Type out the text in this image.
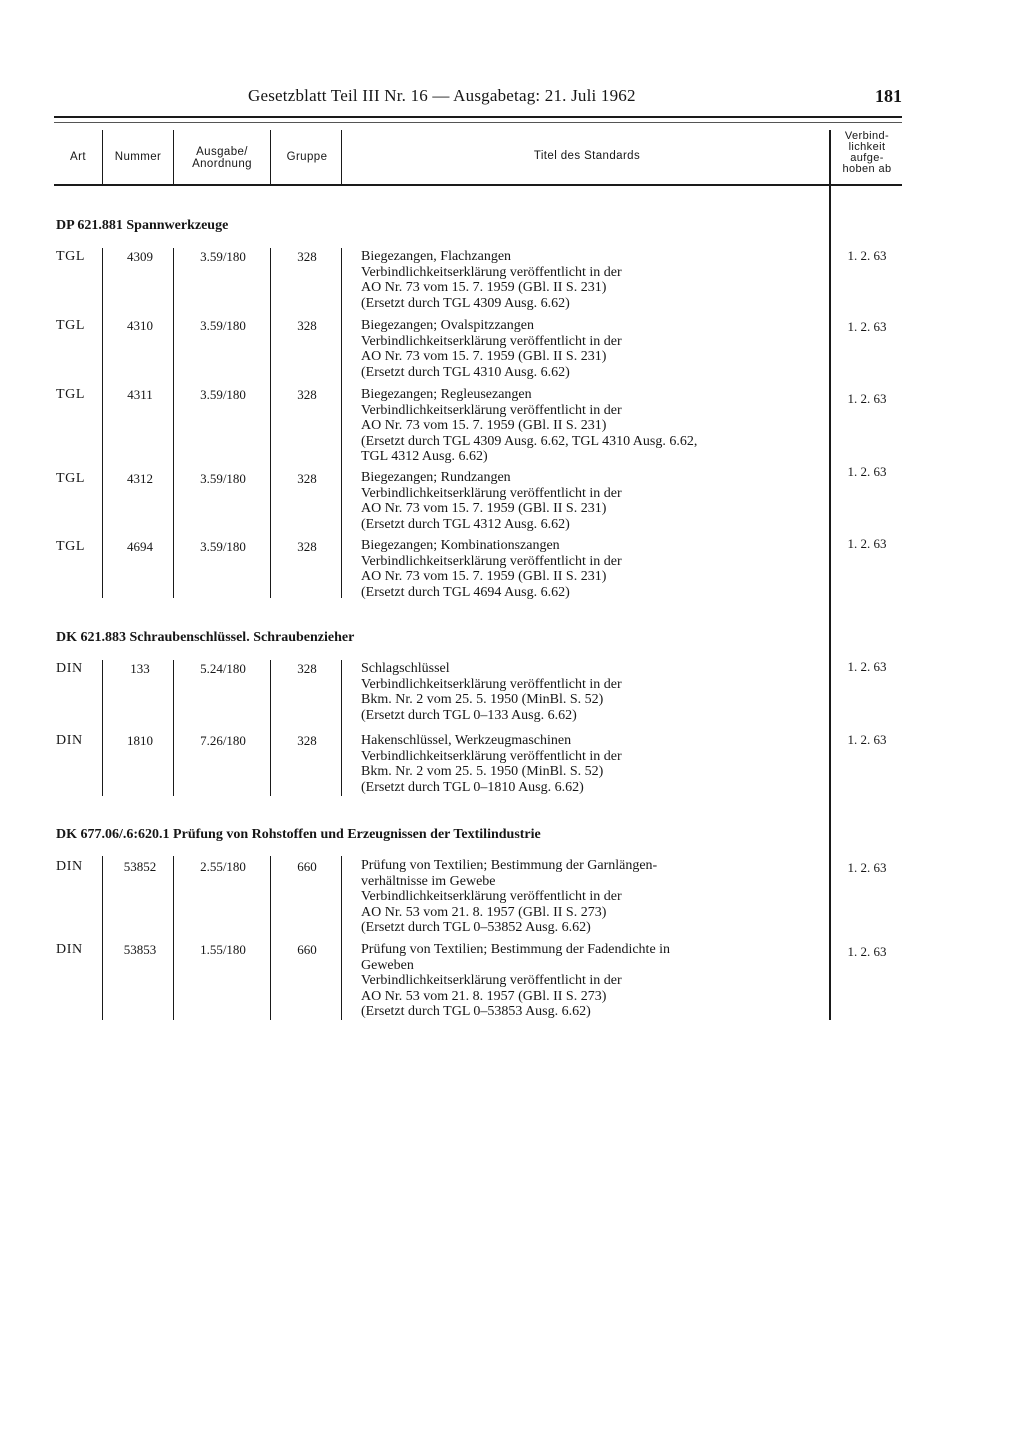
Gesetzblatt Teil III Nr. 16 — Ausgabetag: 21. Juli 1962	181
Art	Nummer	Ausgabe/
Anordnung
Gruppe	Titel des Standards
Verbind-
lichkeit
aufge-
hoben ab
DP 621.881 Spannwerkzeuge
TGL	4309	3.59/180	328	Biegezangen, Flachzangen
Verbindlichkeitserklärung veröffentlicht in der
AO Nr. 73 vom 15. 7. 1959 (GBl. II S. 231)
(Ersetzt durch TGL 4309 Ausg. 6.62)
1. 2. 63
TGL	4310	3.59/180	328	Biegezangen; Ovalspitzzangen
Verbindlichkeitserklärung veröffentlicht in der
AO Nr. 73 vom 15. 7. 1959 (GBl. II S. 231)
(Ersetzt durch TGL 4310 Ausg. 6.62)
1. 2. 63
TGL	4311	3.59/180	328	Biegezangen; Regleusezangen
Verbindlichkeitserklärung veröffentlicht in der
AO Nr. 73 vom 15. 7. 1959 (GBl. II S. 231)
(Ersetzt durch TGL 4309 Ausg. 6.62, TGL 4310 Ausg. 6.62,
TGL 4312 Ausg. 6.62)
1. 2. 63
TGL	4312	3.59/180	328	Biegezangen; Rundzangen
Verbindlichkeitserklärung veröffentlicht in der
AO Nr. 73 vom 15. 7. 1959 (GBl. II S. 231)
(Ersetzt durch TGL 4312 Ausg. 6.62)
1. 2. 63
TGL	4694	3.59/180	328	Biegezangen; Kombinationszangen
Verbindlichkeitserklärung veröffentlicht in der
AO Nr. 73 vom 15. 7. 1959 (GBl. II S. 231)
(Ersetzt durch TGL 4694 Ausg. 6.62)
1. 2. 63
DK 621.883 Schraubenschlüssel. Schraubenzieher
DIN	133	5.24/180	328	Schlagschlüssel
Verbindlichkeitserklärung veröffentlicht in der
Bkm. Nr. 2 vom 25. 5. 1950 (MinBl. S. 52)
(Ersetzt durch TGL 0–133 Ausg. 6.62)
1. 2. 63
DIN	1810	7.26/180	328	Hakenschlüssel, Werkzeugmaschinen
Verbindlichkeitserklärung veröffentlicht in der
Bkm. Nr. 2 vom 25. 5. 1950 (MinBl. S. 52)
(Ersetzt durch TGL 0–1810 Ausg. 6.62)
1. 2. 63
DK 677.06/.6:620.1 Prüfung von Rohstoffen und Erzeugnissen der Textilindustrie
DIN	53852	2.55/180	660	Prüfung von Textilien; Bestimmung der Garnlängen-
verhältnisse im Gewebe
Verbindlichkeitserklärung veröffentlicht in der
AO Nr. 53 vom 21. 8. 1957 (GBl. II S. 273)
(Ersetzt durch TGL 0–53852 Ausg. 6.62)
1. 2. 63
DIN	53853	1.55/180	660	Prüfung von Textilien; Bestimmung der Fadendichte in
Geweben
Verbindlichkeitserklärung veröffentlicht in der
AO Nr. 53 vom 21. 8. 1957 (GBl. II S. 273)
(Ersetzt durch TGL 0–53853 Ausg. 6.62)
1. 2. 63
